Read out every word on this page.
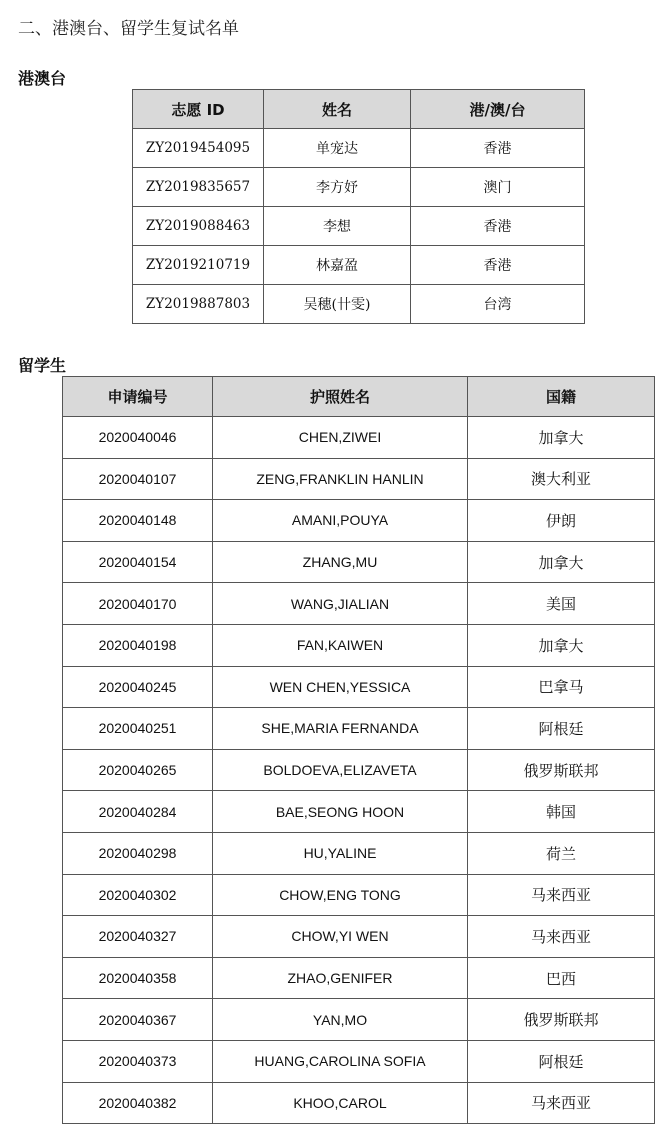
二、港澳台、留学生复试名单
港澳台
志愿 ID	姓名	港/澳/台
ZY2019454095	单宠达	香港
ZY2019835657	李方妤	澳门
ZY2019088463	李想	香港
ZY2019210719	林嘉盈	香港
ZY2019887803	吴穗(卄雯)	台湾
留学生
申请编号	护照姓名	国籍
2020040046	CHEN,ZIWEI	加拿大
2020040107	ZENG,FRANKLIN HANLIN	澳大利亚
2020040148	AMANI,POUYA	伊朗
2020040154	ZHANG,MU	加拿大
2020040170	WANG,JIALIAN	美国
2020040198	FAN,KAIWEN	加拿大
2020040245	WEN CHEN,YESSICA	巴拿马
2020040251	SHE,MARIA FERNANDA	阿根廷
2020040265	BOLDOEVA,ELIZAVETA	俄罗斯联邦
2020040284	BAE,SEONG HOON	韩国
2020040298	HU,YALINE	荷兰
2020040302	CHOW,ENG TONG	马来西亚
2020040327	CHOW,YI WEN	马来西亚
2020040358	ZHAO,GENIFER	巴西
2020040367	YAN,MO	俄罗斯联邦
2020040373	HUANG,CAROLINA SOFIA	阿根廷
2020040382	KHOO,CAROL	马来西亚
